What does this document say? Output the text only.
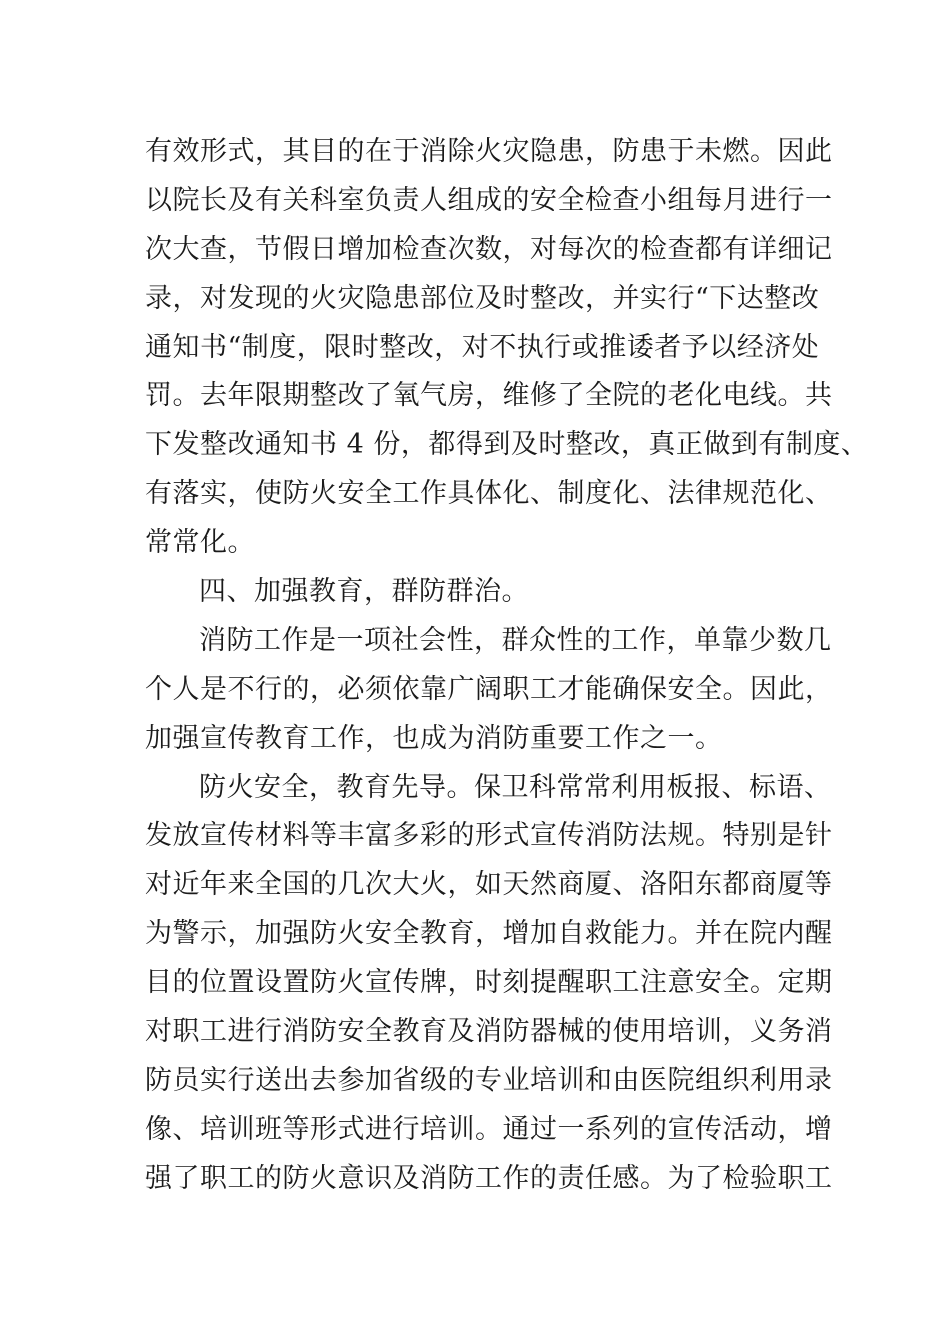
有效形式，其目的在于消除火灾隐患，防患于未燃。因此
以院长及有关科室负责人组成的安全检查小组每月进行一
次大查，节假日增加检查次数，对每次的检查都有详细记
录，对发现的火灾隐患部位及时整改，并实行“下达整改
通知书“制度，限时整改，对不执行或推诿者予以经济处
罚。去年限期整改了氧气房，维修了全院的老化电线。共
下发整改通知书 4 份，都得到及时整改，真正做到有制度、
有落实，使防火安全工作具体化、制度化、法律规范化、
常常化。
四、加强教育，群防群治。
消防工作是一项社会性，群众性的工作，单靠少数几
个人是不行的，必须依靠广阔职工才能确保安全。因此，
加强宣传教育工作，也成为消防重要工作之一。
防火安全，教育先导。保卫科常常利用板报、标语、
发放宣传材料等丰富多彩的形式宣传消防法规。特别是针
对近年来全国的几次大火，如天然商厦、洛阳东都商厦等
为警示，加强防火安全教育，增加自救能力。并在院内醒
目的位置设置防火宣传牌，时刻提醒职工注意安全。定期
对职工进行消防安全教育及消防器械的使用培训，义务消
防员实行送出去参加省级的专业培训和由医院组织利用录
像、培训班等形式进行培训。通过一系列的宣传活动，增
强了职工的防火意识及消防工作的责任感。为了检验职工
